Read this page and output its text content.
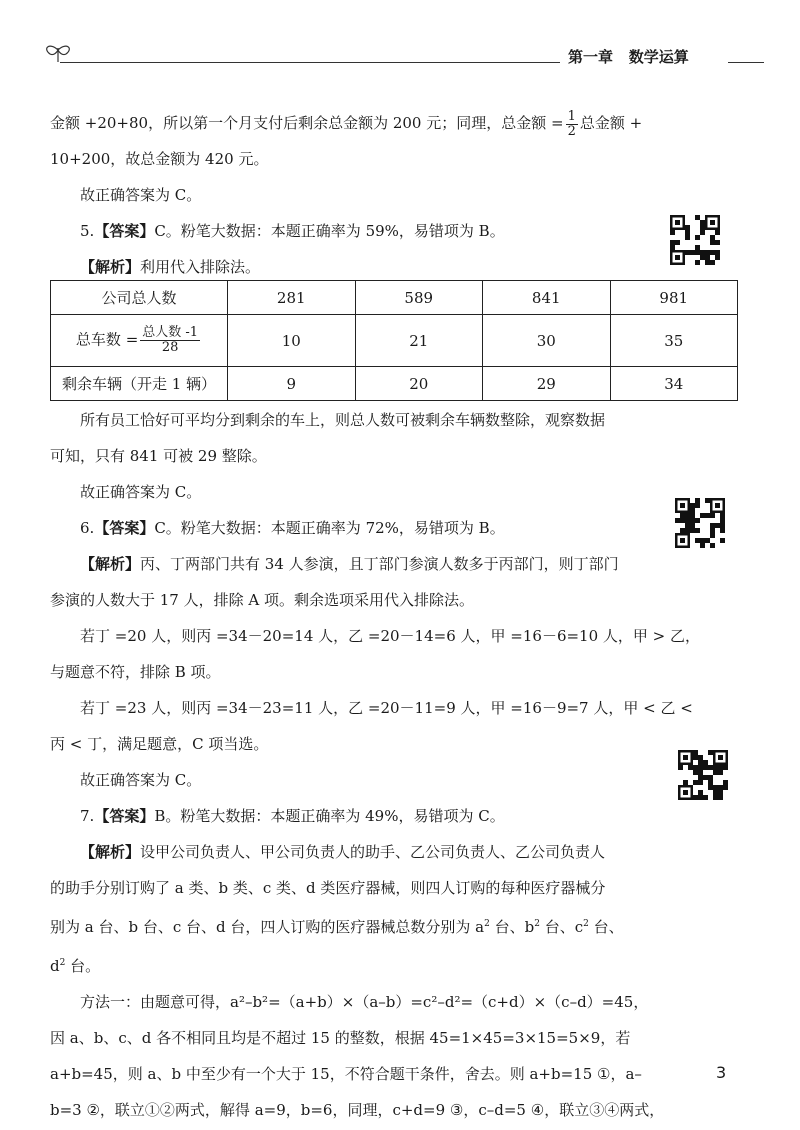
第一章 数学运算

金额 +20+80，所以第一个月支付后剩余总金额为 200 元；同理，总金额 = $\frac{1}{2}$ 总金额 +

10+200，故总金额为 420 元。

故正确答案为 C。

5.【答案】C。粉笔大数据：本题正确率为 59%，易错项为 B。

【解析】利用代入排除法。

公司总人数	281	589	841	981
总车数 = $\frac{\text{总人数 -1}}{28}$	10	21	30	35
剩余车辆（开走 1 辆）	9	20	29	34

所有员工恰好可平均分到剩余的车上，则总人数可被剩余车辆数整除，观察数据

可知，只有 841 可被 29 整除。

故正确答案为 C。

6.【答案】C。粉笔大数据：本题正确率为 72%，易错项为 B。

【解析】丙、丁两部门共有 34 人参演，且丁部门参演人数多于丙部门，则丁部门

参演的人数大于 17 人，排除 A 项。剩余选项采用代入排除法。

若丁 =20 人，则丙 =34－20=14 人，乙 =20－14=6 人，甲 =16－6=10 人，甲 > 乙，

与题意不符，排除 B 项。

若丁 =23 人，则丙 =34－23=11 人，乙 =20－11=9 人，甲 =16－9=7 人，甲 < 乙 <

丙 < 丁，满足题意，C 项当选。

故正确答案为 C。

7.【答案】B。粉笔大数据：本题正确率为 49%，易错项为 C。

【解析】设甲公司负责人、甲公司负责人的助手、乙公司负责人、乙公司负责人

的助手分别订购了 a 类、b 类、c 类、d 类医疗器械，则四人订购的每种医疗器械分

别为 a 台、b 台、c 台、d 台，四人订购的医疗器械总数分别为 $a^2$ 台、$b^2$ 台、$c^2$ 台、

$d^2$ 台。

方法一：由题意可得，a²–b²=（a+b）×（a–b）=c²–d²=（c+d）×（c–d）=45，

因 a、b、c、d 各不相同且均是不超过 15 的整数，根据 45=1×45=3×15=5×9，若

a+b=45，则 a、b 中至少有一个大于 15，不符合题干条件，舍去。则 a+b=15 ①，a–

b=3 ②，联立①②两式，解得 a=9，b=6，同理，c+d=9 ③，c–d=5 ④，联立③④两式，

3
